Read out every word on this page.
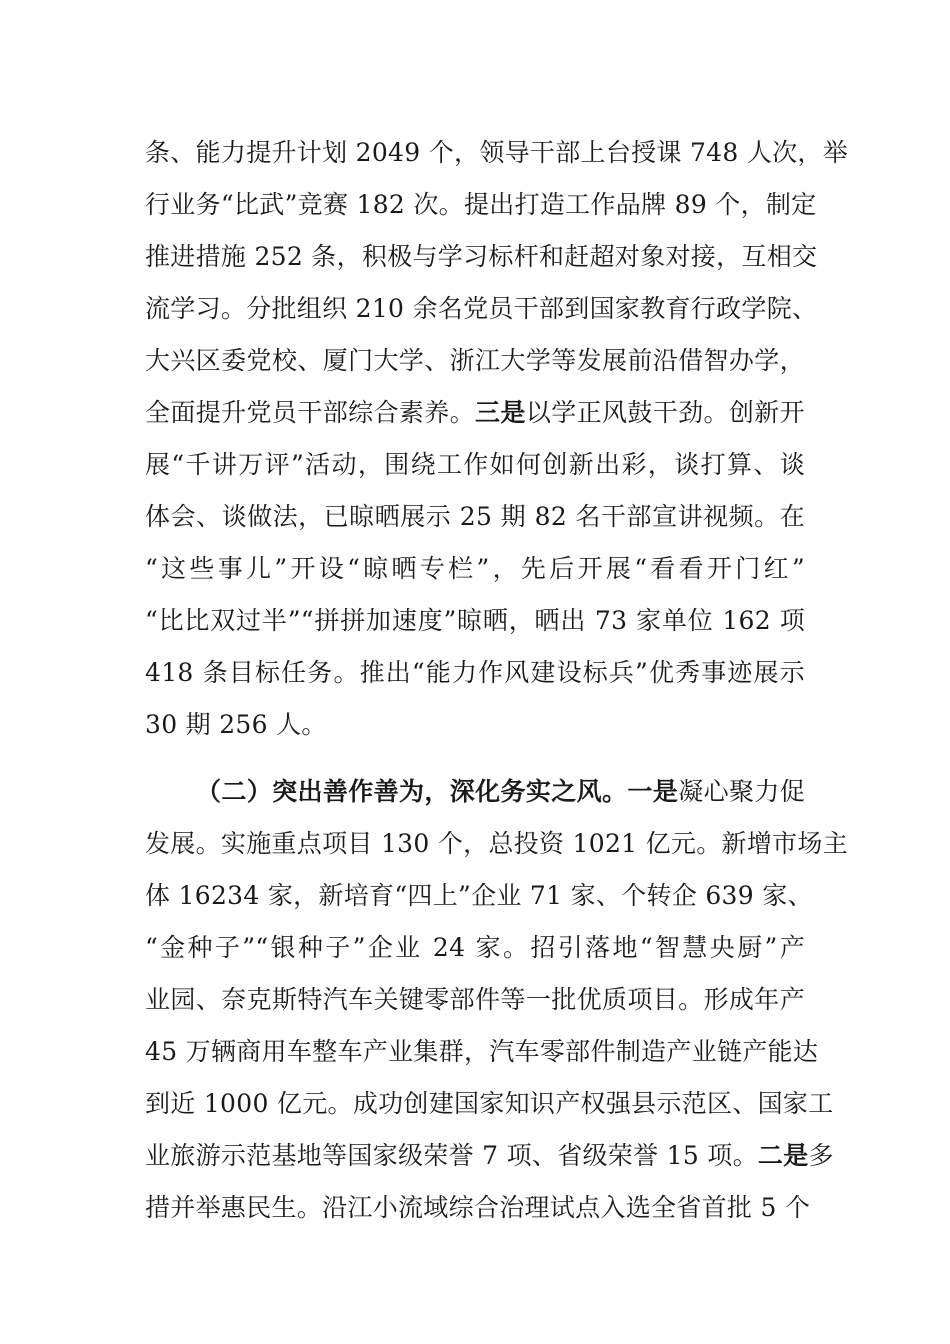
条、能力提升计划 2049 个，领导干部上台授课 748 人次，举
行业务“比武”竞赛 182 次。提出打造工作品牌 89 个，制定
推进措施 252 条，积极与学习标杆和赶超对象对接，互相交
流学习。分批组织 210 余名党员干部到国家教育行政学院、
大兴区委党校、厦门大学、浙江大学等发展前沿借智办学，
全面提升党员干部综合素养。三是以学正风鼓干劲。创新开
展“千讲万评”活动，围绕工作如何创新出彩，谈打算、谈
体会、谈做法，已晾晒展示 25 期 82 名干部宣讲视频。在
“这些事儿”开设“晾晒专栏”，先后开展“看看开门红”
“比比双过半”“拼拼加速度”晾晒，晒出 73 家单位 162 项
418 条目标任务。推出“能力作风建设标兵”优秀事迹展示
30 期 256 人。
（二）突出善作善为，深化务实之风。一是凝心聚力促
发展。实施重点项目 130 个，总投资 1021 亿元。新增市场主
体 16234 家，新培育“四上”企业 71 家、个转企 639 家、
“金种子”“银种子”企业 24 家。招引落地“智慧央厨”产
业园、奈克斯特汽车关键零部件等一批优质项目。形成年产
45 万辆商用车整车产业集群，汽车零部件制造产业链产能达
到近 1000 亿元。成功创建国家知识产权强县示范区、国家工
业旅游示范基地等国家级荣誉 7 项、省级荣誉 15 项。二是多
措并举惠民生。沿江小流域综合治理试点入选全省首批 5 个
